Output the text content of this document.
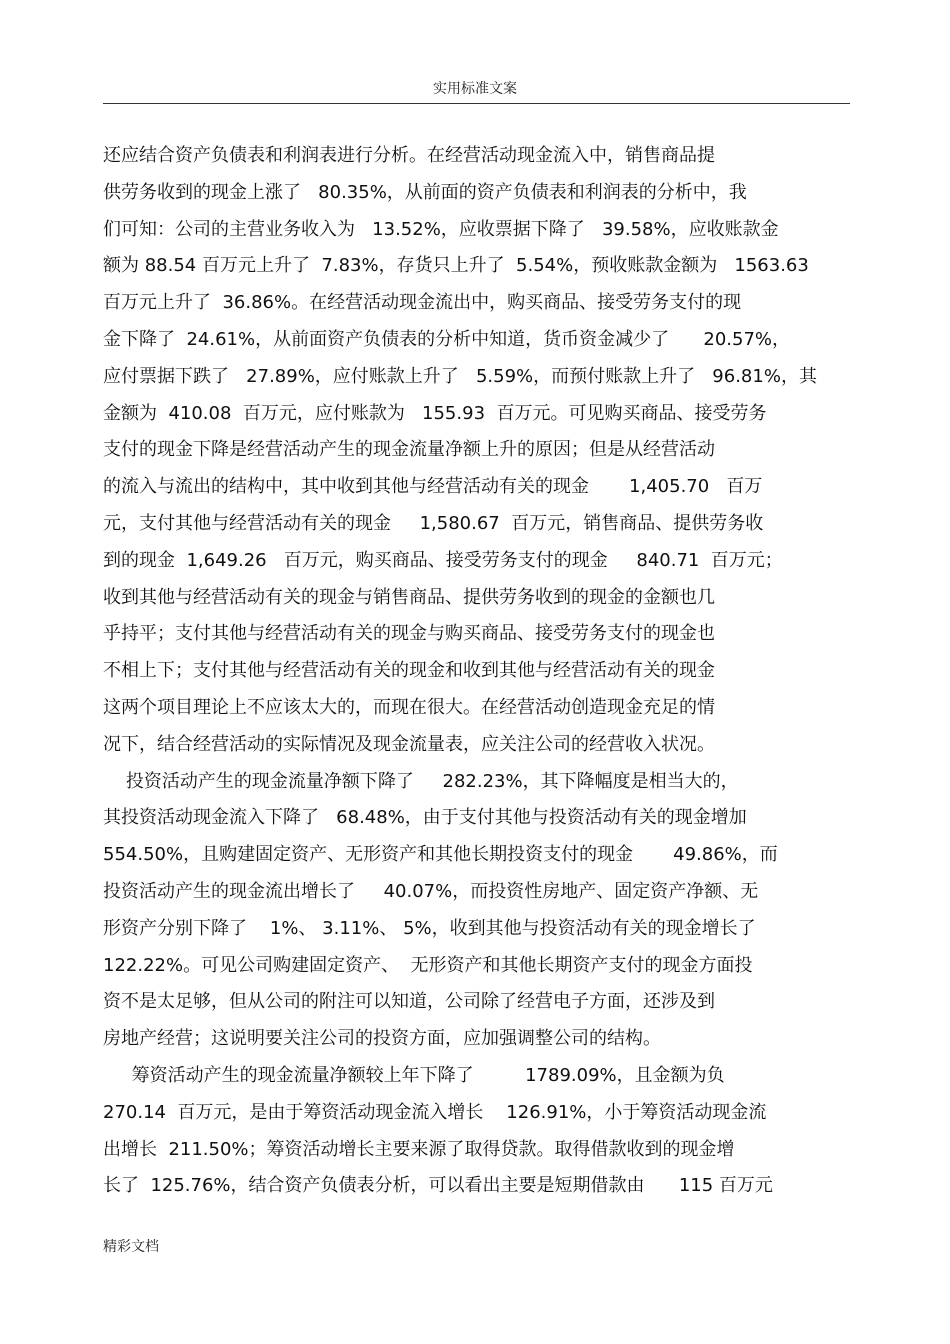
实用标准文案
还应结合资产负债表和利润表进行分析。在经营活动现金流入中，销售商品提
供劳务收到的现金上涨了   80.35%，从前面的资产负债表和利润表的分析中，我
们可知：公司的主营业务收入为   13.52%，应收票据下降了   39.58%，应收账款金
额为 88.54 百万元上升了  7.83%，存货只上升了  5.54%，预收账款金额为   1563.63
百万元上升了  36.86%。在经营活动现金流出中，购买商品、接受劳务支付的现
金下降了  24.61%，从前面资产负债表的分析中知道，货币资金减少了      20.57%，
应付票据下跌了   27.89%，应付账款上升了   5.59%，而预付账款上升了   96.81%，其
金额为  410.08  百万元，应付账款为   155.93  百万元。可见购买商品、接受劳务
支付的现金下降是经营活动产生的现金流量净额上升的原因；但是从经营活动
的流入与流出的结构中，其中收到其他与经营活动有关的现金       1,405.70   百万
元，支付其他与经营活动有关的现金     1,580.67  百万元，销售商品、提供劳务收
到的现金  1,649.26   百万元，购买商品、接受劳务支付的现金     840.71  百万元；
收到其他与经营活动有关的现金与销售商品、提供劳务收到的现金的金额也几
乎持平；支付其他与经营活动有关的现金与购买商品、接受劳务支付的现金也
不相上下；支付其他与经营活动有关的现金和收到其他与经营活动有关的现金
这两个项目理论上不应该太大的，而现在很大。在经营活动创造现金充足的情
况下，结合经营活动的实际情况及现金流量表，应关注公司的经营收入状况。
投资活动产生的现金流量净额下降了     282.23%，其下降幅度是相当大的，
其投资活动现金流入下降了   68.48%，由于支付其他与投资活动有关的现金增加
554.50%，且购建固定资产、无形资产和其他长期投资支付的现金       49.86%，而
投资活动产生的现金流出增长了     40.07%，而投资性房地产、固定资产净额、无
形资产分别下降了    1%、 3.11%、 5%，收到其他与投资活动有关的现金增长了
122.22%。可见公司购建固定资产、  无形资产和其他长期资产支付的现金方面投
资不是太足够，但从公司的附注可以知道，公司除了经营电子方面，还涉及到
房地产经营；这说明要关注公司的投资方面，应加强调整公司的结构。
筹资活动产生的现金流量净额较上年下降了         1789.09%，且金额为负
270.14  百万元，是由于筹资活动现金流入增长    126.91%，小于筹资活动现金流
出增长  211.50%；筹资活动增长主要来源了取得贷款。取得借款收到的现金增
长了  125.76%，结合资产负债表分析，可以看出主要是短期借款由      115 百万元
精彩文档
